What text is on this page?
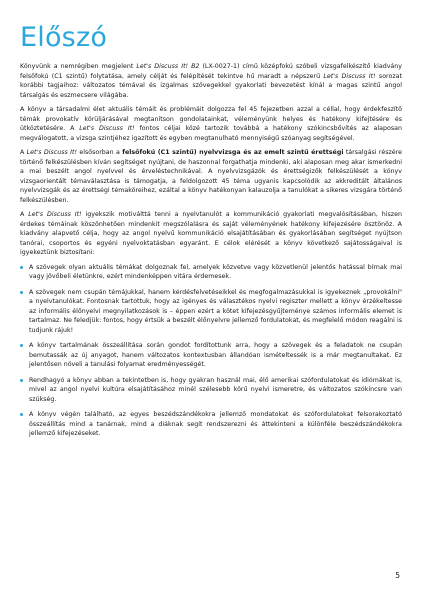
Előszó

Könyvünk a nemrégiben megjelent Let's Discuss It! B2 (LX-0027-1) című középfokú szóbeli vizsgafelkészítő kiadvány felsőfokú (C1 szintű) folytatása, amely célját és felépítését tekintve hű maradt a népszerű Let's Discuss It! sorozat korábbi tagjaihoz: változatos témával és izgalmas szövegekkel gyakorlati bevezetést kínál a magas szintű angol társalgás és eszmecsere világába.

A könyv a társadalmi élet aktuális témáit és problémáit dolgozza fel 45 fejezetben azzal a céllal, hogy érdekfeszítő témák provokatív körüljárásával megtanítson gondolatainkat, véleményünk helyes és hatékony kifejtésére és ütköztetésére. A Let's Discuss It! fontos céljai közé tartozik továbbá a hatékony szókincsbővítés az alaposan megválogatott, a vizsga szintjéhez igazított és egyben megtanulható mennyiségű szóanyag segítségével.

A Let's Discuss It! elsősorban a felsőfokú (C1 szintű) nyelvvizsga és az emelt szintű érettségi társalgási részére történő felkészülésben kíván segítséget nyújtani, de haszonnal forgathatja mindenki, aki alaposan meg akar ismerkedni a mai beszélt angol nyelvvel és érveléstechnikával. A nyelvvizsgázók és érettségizők felkészülését a könyv vizsgaorientált témaválasztása is támogatja, a feldolgozott 45 téma ugyanis kapcsolódik az akkreditált általános nyelvvizsgák és az érettségi témaköreihez, ezáltal a könyv hatékonyan kalauzolja a tanulókat a sikeres vizsgára történő felkészülésben.

A Let's Discuss It! igyekszik motiválttá tenni a nyelvtanulót a kommunikáció gyakorlati megvalósításában, hiszen érdekes témáinak köszönhetően mindenkit megszólalásra és saját véleményének hatékony kifejezésére ösztönöz. A kiadvány alapvető célja, hogy az angol nyelvű kommunikáció elsajátításában és gyakorlásában segítséget nyújtson tanórai, csoportos és egyéni nyelvoktatásban egyaránt. E célok elérését a könyv következő sajátosságaival is igyekeztünk biztosítani:

A szövegek olyan aktuális témákat dolgoznak fel, amelyek közvetve vagy közvetlenül jelentős hatással bírnak mai vagy jövőbeli életünkre, ezért mindenképpen vitára érdemesek.
A szövegek nem csupán témájukkal, hanem kérdésfelvetéseikkel és megfogalmazásukkal is igyekeznek „provokálni" a nyelvtanulókat. Fontosnak tartottuk, hogy az igényes és választékos nyelvi regiszter mellett a könyv érzékeltesse az informális élőnyelvi megnyilatkozások is – éppen ezért a kötet kifejezésgyűjteménye számos informális elemet is tartalmaz. Ne feledjük: fontos, hogy értsük a beszélt élőnyelvre jellemző fordulatokat, és megfelelő módon reagálni is tudjunk rájuk!
A könyv tartalmának összeállítása során gondot fordítottunk arra, hogy a szövegek és a feladatok ne csupán bemutassák az új anyagot, hanem változatos kontextusban állandóan ismételtessék is a már megtanultakat. Ez jelentősen növeli a tanulási folyamat eredményességét.
Rendhagyó a könyv abban a tekintetben is, hogy gyakran használ mai, élő amerikai szófordulatokat és idiómákat is, mivel az angol nyelvi kultúra elsajátításához minél szélesebb körű nyelvi ismeretre, és változatos szókincsre van szükség.
A könyv végén található, az egyes beszédszándékokra jellemző mondatokat és szófordulatokat felsorakoztató összeállítás mind a tanárnak, mind a diáknak segít rendszerezni és áttekinteni a különféle beszédszándékokra jellemző kifejezéseket.
5
